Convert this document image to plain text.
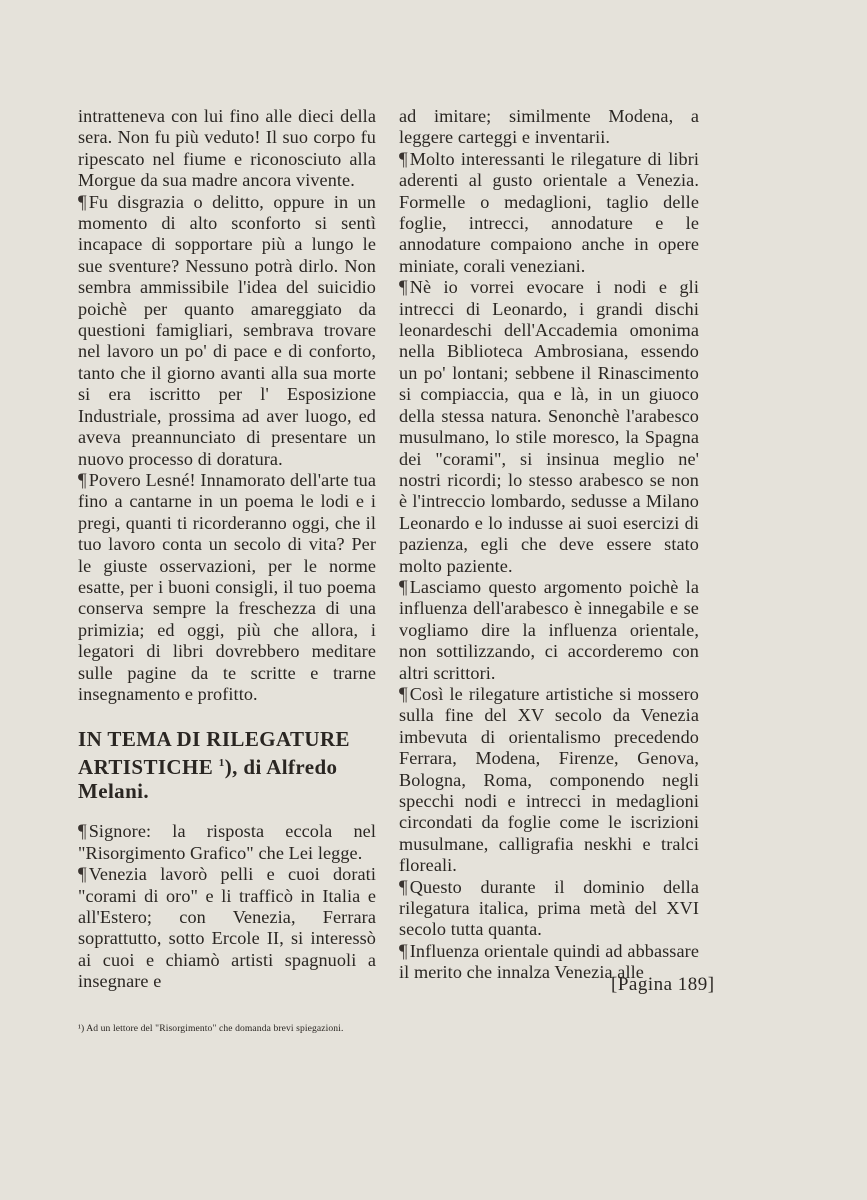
intratteneva con lui fino alle dieci della sera. Non fu più veduto! Il suo corpo fu ripescato nel fiume e riconosciuto alla Morgue da sua madre ancora vivente.

¶ Fu disgrazia o delitto, oppure in un momento di alto sconforto si sentì incapace di sopportare più a lungo le sue sventure? Nessuno potrà dirlo. Non sembra ammissibile l'idea del suicidio poichè per quanto amareggiato da questioni famigliari, sembrava trovare nel lavoro un po' di pace e di conforto, tanto che il giorno avanti alla sua morte si era iscritto per l' Esposizione Industriale, prossima ad aver luogo, ed aveva preannunciato di presentare un nuovo processo di doratura.

¶ Povero Lesné! Innamorato dell'arte tua fino a cantarne in un poema le lodi e i pregi, quanti ti ricorderanno oggi, che il tuo lavoro conta un secolo di vita? Per le giuste osservazioni, per le norme esatte, per i buoni consigli, il tuo poema conserva sempre la freschezza di una primizia; ed oggi, più che allora, i legatori di libri dovrebbero meditare sulle pagine da te scritte e trarne insegnamento e profitto.

IN TEMA DI RILEGATURE ARTISTICHE $^1$), di Alfredo Melani.

¶ Signore: la risposta eccola nel "Risorgimento Grafico" che Lei legge.

¶ Venezia lavorò pelli e cuoi dorati "corami di oro" e li trafficò in Italia e all'Estero; con Venezia, Ferrara soprattutto, sotto Ercole II, si interessò ai cuoi e chiamò artisti spagnuoli a insegnare e

¹) Ad un lettore del "Risorgimento" che domanda brevi spiegazioni.

ad imitare; similmente Modena, a leggere carteggi e inventarii.

¶ Molto interessanti le rilegature di libri aderenti al gusto orientale a Venezia. Formelle o medaglioni, taglio delle foglie, intrecci, annodature e le annodature compaiono anche in opere miniate, corali veneziani.

¶ Nè io vorrei evocare i nodi e gli intrecci di Leonardo, i grandi dischi leonardeschi dell'Accademia omonima nella Biblioteca Ambrosiana, essendo un po' lontani; sebbene il Rinascimento si compiaccia, qua e là, in un giuoco della stessa natura. Senonchè l'arabesco musulmano, lo stile moresco, la Spagna dei "corami", si insinua meglio ne' nostri ricordi; lo stesso arabesco se non è l'intreccio lombardo, sedusse a Milano Leonardo e lo indusse ai suoi esercizi di pazienza, egli che deve essere stato molto paziente.

¶ Lasciamo questo argomento poichè la influenza dell'arabesco è innegabile e se vogliamo dire la influenza orientale, non sottilizzando, ci accorderemo con altri scrittori.

¶ Così le rilegature artistiche si mossero sulla fine del XV secolo da Venezia imbevuta di orientalismo precedendo Ferrara, Modena, Firenze, Genova, Bologna, Roma, componendo negli specchi nodi e intrecci in medaglioni circondati da foglie come le iscrizioni musulmane, calligrafia neskhi e tralci floreali.

¶ Questo durante il dominio della rilegatura italica, prima metà del XVI secolo tutta quanta.

¶ Influenza orientale quindi ad abbassare il merito che innalza Venezia alle

[Pagina 189]
